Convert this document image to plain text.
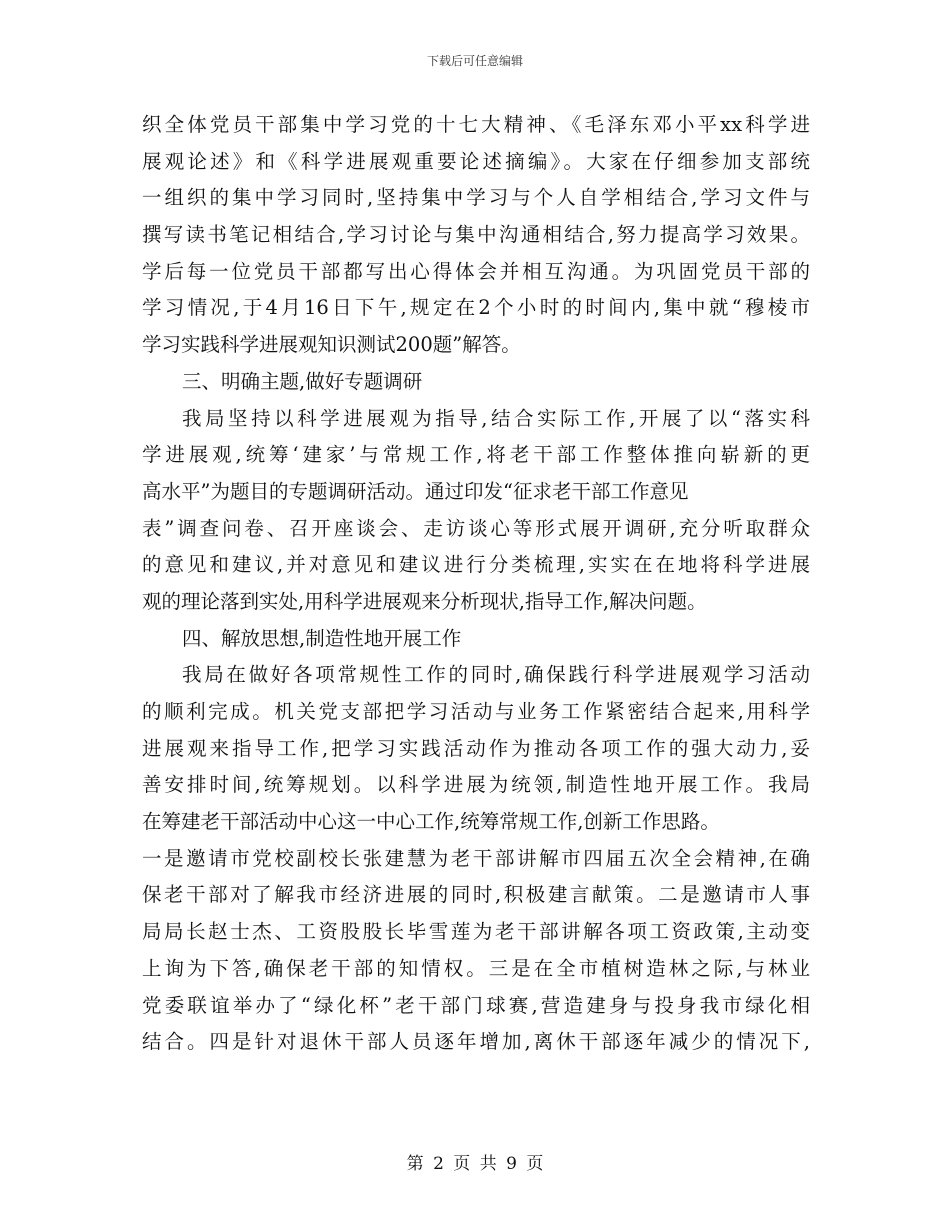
下载后可任意编辑
织全体党员干部集中学习党的十七大精神、《毛泽东邓小平xx科学进
展观论述》和《科学进展观重要论述摘编》。大家在仔细参加支部统
一组织的集中学习同时,坚持集中学习与个人自学相结合,学习文件与
撰写读书笔记相结合,学习讨论与集中沟通相结合,努力提高学习效果。
学后每一位党员干部都写出心得体会并相互沟通。为巩固党员干部的
学习情况,于4月16日下午,规定在2个小时的时间内,集中就“穆棱市
学习实践科学进展观知识测试200题”解答。
三、明确主题,做好专题调研
我局坚持以科学进展观为指导,结合实际工作,开展了以“落实科
学进展观,统筹‘建家’与常规工作,将老干部工作整体推向崭新的更
高水平”为题目的专题调研活动。通过印发“征求老干部工作意见
表”调查问卷、召开座谈会、走访谈心等形式展开调研,充分听取群众
的意见和建议,并对意见和建议进行分类梳理,实实在在地将科学进展
观的理论落到实处,用科学进展观来分析现状,指导工作,解决问题。
四、解放思想,制造性地开展工作
我局在做好各项常规性工作的同时,确保践行科学进展观学习活动
的顺利完成。机关党支部把学习活动与业务工作紧密结合起来,用科学
进展观来指导工作,把学习实践活动作为推动各项工作的强大动力,妥
善安排时间,统筹规划。以科学进展为统领,制造性地开展工作。我局
在筹建老干部活动中心这一中心工作,统筹常规工作,创新工作思路。
一是邀请市党校副校长张建慧为老干部讲解市四届五次全会精神,在确
保老干部对了解我市经济进展的同时,积极建言献策。二是邀请市人事
局局长赵士杰、工资股股长毕雪莲为老干部讲解各项工资政策,主动变
上询为下答,确保老干部的知情权。三是在全市植树造林之际,与林业
党委联谊举办了“绿化杯”老干部门球赛,营造建身与投身我市绿化相
结合。四是针对退休干部人员逐年增加,离休干部逐年减少的情况下,
第 2 页 共 9 页
